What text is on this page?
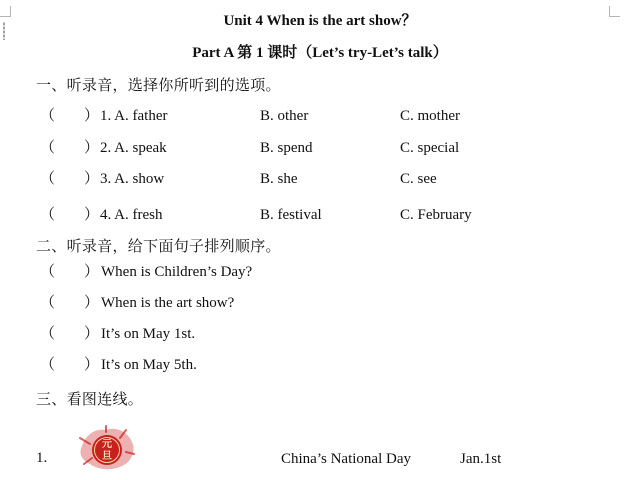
Unit 4 When is the art show？
Part A 第 1 课时（Let’s try-Let’s talk）
一、听录音，选择你所听到的选项。
（ ） 1. A. father	B. other	C. mother
（ ） 2. A. speak	B. spend	C. special
（ ） 3. A. show	B. she	C. see
（ ） 4. A. fresh	B. festival	C. February
二、听录音，给下面句子排列顺序。
（ ） When is Children’s Day?
（ ） When is the art show?
（ ） It’s on May 1st.
（ ） It’s on May 5th.
三、看图连线。
1.
元
旦	China’s National Day	Jan.1st
